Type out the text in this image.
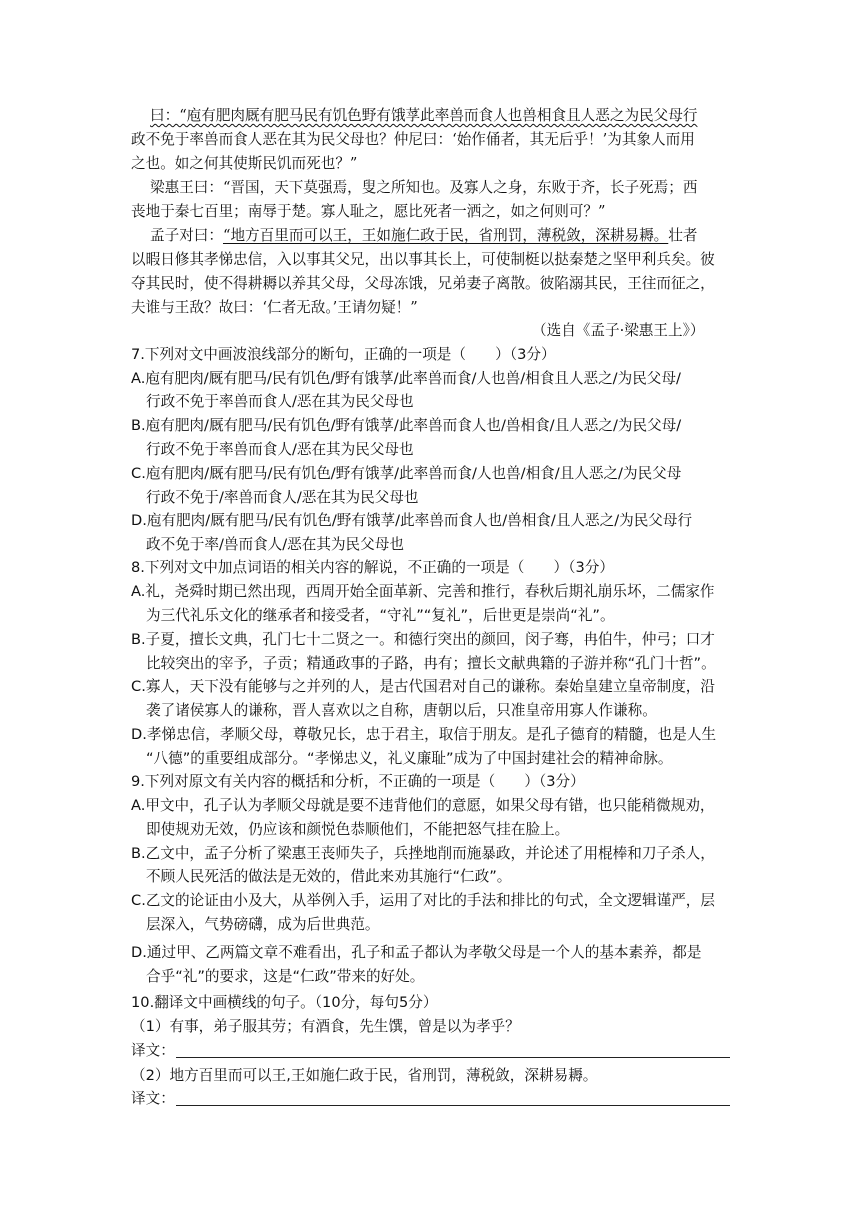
曰：“庖有肥肉厩有肥马民有饥色野有饿莩此率兽而食人也兽相食且人恶之为民父母行
政不免于率兽而食人恶在其为民父母也？仲尼曰：‘始作俑者，其无后乎！’为其象人而用
之也。如之何其使斯民饥而死也？”
梁惠王曰：“晋国，天下莫强焉，叟之所知也。及寡人之身，东败于齐，长子死焉；西
丧地于秦七百里；南辱于楚。寡人耻之，愿比死者一洒之，如之何则可？”
孟子对曰：“地方百里而可以王，王如施仁政于民，省刑罚，薄税敛，深耕易耨。壮者
以暇日修其孝悌忠信，入以事其父兄，出以事其长上，可使制梃以挞秦楚之坚甲利兵矣。彼
夺其民时，使不得耕耨以养其父母，父母冻饿，兄弟妻子离散。彼陷溺其民，王往而征之，
夫谁与王敌？故曰：‘仁者无敌。’王请勿疑！”
（选自《孟子·梁惠王上》）
7.下列对文中画波浪线部分的断句，正确的一项是（　　）（3分）
A.庖有肥肉/厩有肥马/民有饥色/野有饿莩/此率兽而食/人也兽/相食且人恶之/为民父母/
行政不免于率兽而食人/恶在其为民父母也
B.庖有肥肉/厩有肥马/民有饥色/野有饿莩/此率兽而食人也/兽相食/且人恶之/为民父母/
行政不免于率兽而食人/恶在其为民父母也
C.庖有肥肉/厩有肥马/民有饥色/野有饿莩/此率兽而食/人也兽/相食/且人恶之/为民父母
行政不免于/率兽而食人/恶在其为民父母也
D.庖有肥肉/厩有肥马/民有饥色/野有饿莩/此率兽而食人也/兽相食/且人恶之/为民父母行
政不免于率/兽而食人/恶在其为民父母也
8.下列对文中加点词语的相关内容的解说，不正确的一项是（　　）（3分）
A.礼，尧舜时期已然出现，西周开始全面革新、完善和推行，春秋后期礼崩乐坏，二儒家作
为三代礼乐文化的继承者和接受者，“守礼”“复礼”，后世更是崇尚“礼”。
B.子夏，擅长文典，孔门七十二贤之一。和德行突出的颜回，闵子骞，冉伯牛，仲弓；口才
比较突出的宰予，子贡；精通政事的子路，冉有；擅长文献典籍的子游并称“孔门十哲”。
C.寡人，天下没有能够与之并列的人，是古代国君对自己的谦称。秦始皇建立皇帝制度，沿
袭了诸侯寡人的谦称，晋人喜欢以之自称，唐朝以后，只准皇帝用寡人作谦称。
D.孝悌忠信，孝顺父母，尊敬兄长，忠于君主，取信于朋友。是孔子德育的精髓，也是人生
“八德”的重要组成部分。“孝悌忠义，礼义廉耻”成为了中国封建社会的精神命脉。
9.下列对原文有关内容的概括和分析，不正确的一项是（　　）（3分）
A.甲文中，孔子认为孝顺父母就是要不违背他们的意愿，如果父母有错，也只能稍微规劝，
即使规劝无效，仍应该和颜悦色恭顺他们，不能把怒气挂在脸上。
B.乙文中，孟子分析了梁惠王丧师失子，兵挫地削而施暴政，并论述了用棍棒和刀子杀人，
不顾人民死活的做法是无效的，借此来劝其施行“仁政”。
C.乙文的论证由小及大，从举例入手，运用了对比的手法和排比的句式，全文逻辑谨严，层
层深入，气势磅礴，成为后世典范。
D.通过甲、乙两篇文章不难看出，孔子和孟子都认为孝敬父母是一个人的基本素养，都是
合乎“礼”的要求，这是“仁政”带来的好处。
10.翻译文中画横线的句子。（10分，每句5分）
（1）有事，弟子服其劳；有酒食，先生馔，曾是以为孝乎？
译文：
（2）地方百里而可以王,王如施仁政于民，省刑罚，薄税敛，深耕易耨。
译文：
